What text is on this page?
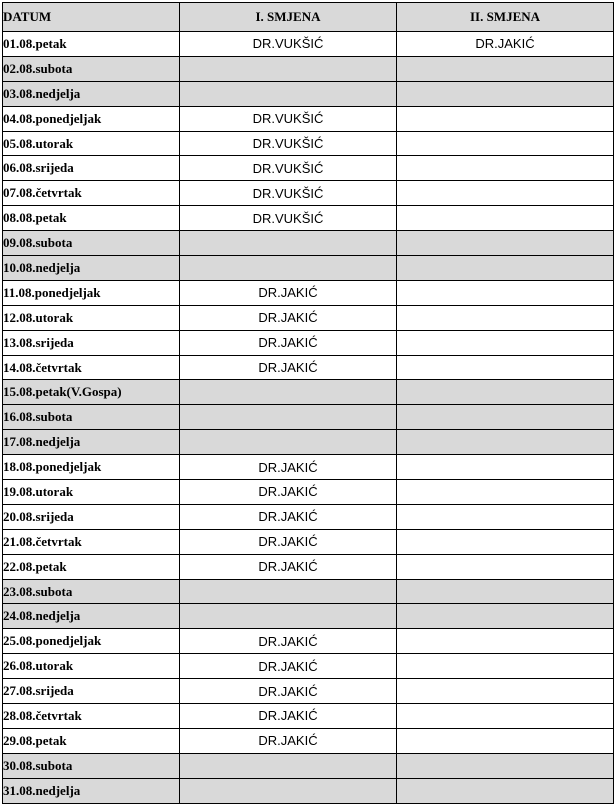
DATUM	I. SMJENA	II. SMJENA
01.08.petak	DR.VUKŠIĆ	DR.JAKIĆ
02.08.subota		
03.08.nedjelja		
04.08.ponedjeljak	DR.VUKŠIĆ	
05.08.utorak	DR.VUKŠIĆ	
06.08.srijeda	DR.VUKŠIĆ	
07.08.četvrtak	DR.VUKŠIĆ	
08.08.petak	DR.VUKŠIĆ	
09.08.subota		
10.08.nedjelja		
11.08.ponedjeljak	DR.JAKIĆ	
12.08.utorak	DR.JAKIĆ	
13.08.srijeda	DR.JAKIĆ	
14.08.četvrtak	DR.JAKIĆ	
15.08.petak(V.Gospa)		
16.08.subota		
17.08.nedjelja		
18.08.ponedjeljak	DR.JAKIĆ	
19.08.utorak	DR.JAKIĆ	
20.08.srijeda	DR.JAKIĆ	
21.08.četvrtak	DR.JAKIĆ	
22.08.petak	DR.JAKIĆ	
23.08.subota		
24.08.nedjelja		
25.08.ponedjeljak	DR.JAKIĆ	
26.08.utorak	DR.JAKIĆ	
27.08.srijeda	DR.JAKIĆ	
28.08.četvrtak	DR.JAKIĆ	
29.08.petak	DR.JAKIĆ	
30.08.subota		
31.08.nedjelja		
